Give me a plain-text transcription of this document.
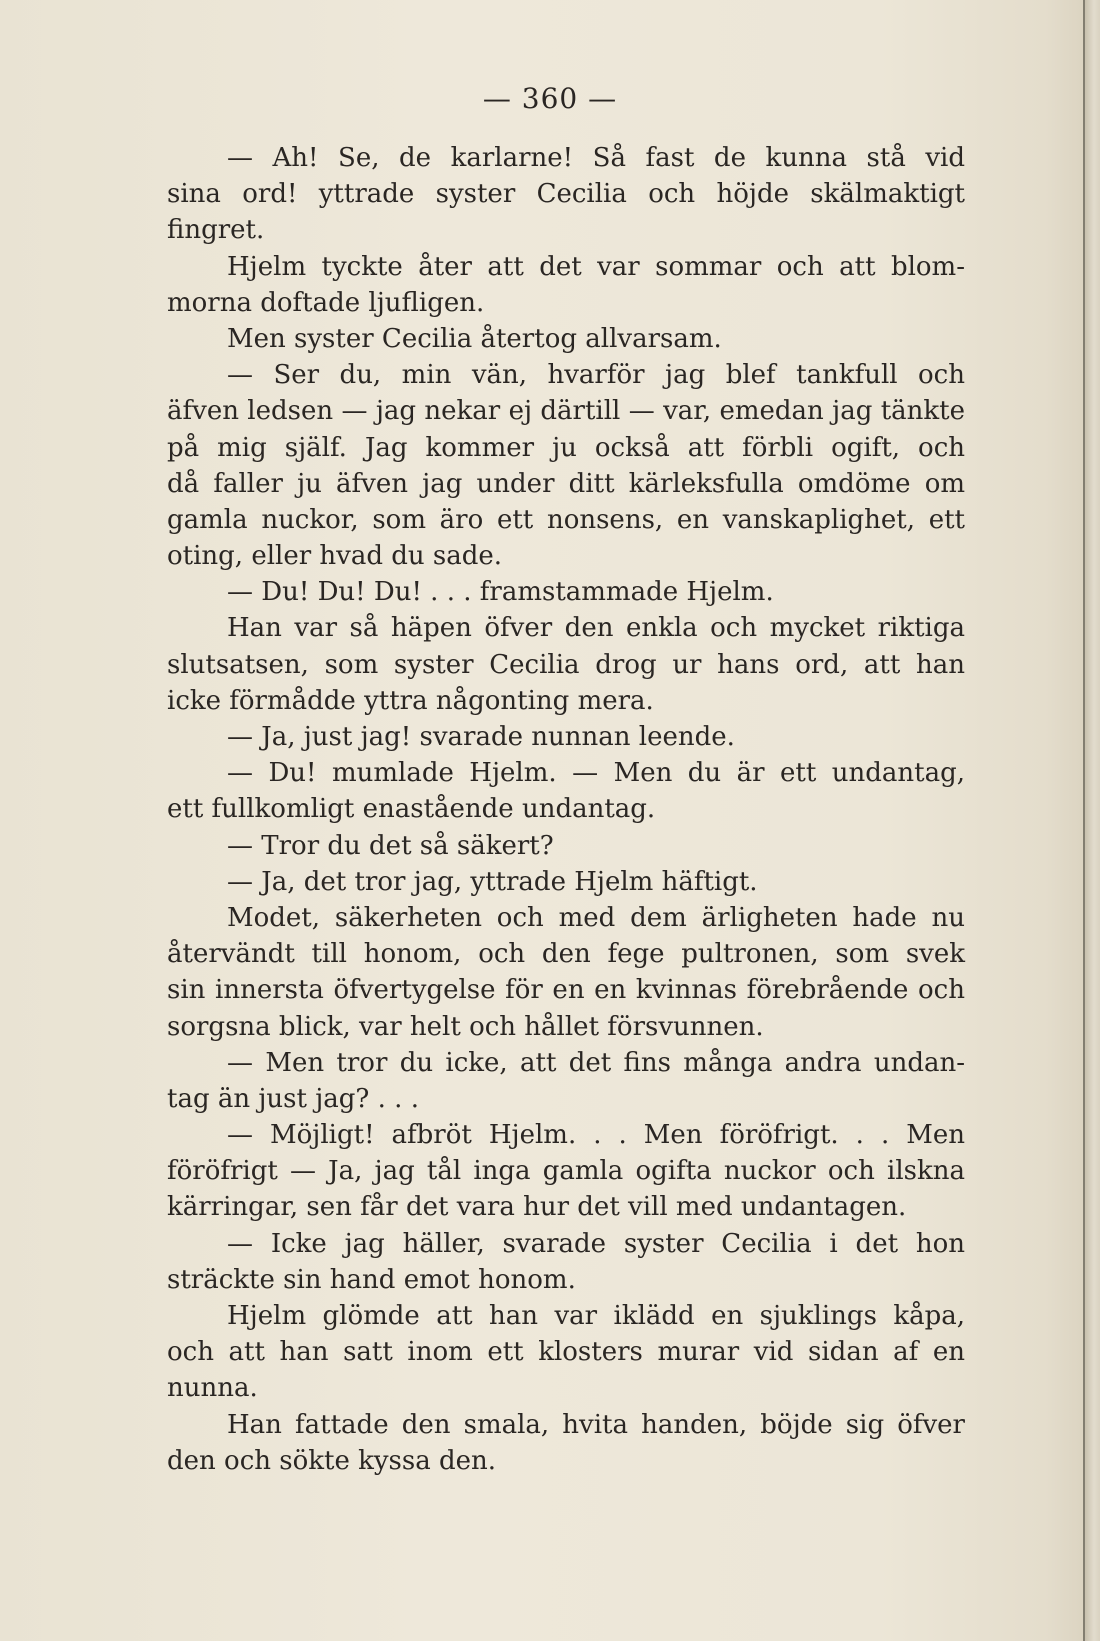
— 360 —
— Ah! Se, de karlarne! Så fast de kunna stå vid
sina ord! yttrade syster Cecilia och höjde skälmaktigt
fingret.
Hjelm tyckte åter att det var sommar och att blom-
morna doftade ljufligen.
Men syster Cecilia återtog allvarsam.
— Ser du, min vän, hvarför jag blef tankfull och
äfven ledsen — jag nekar ej därtill — var, emedan jag tänkte
på mig själf. Jag kommer ju också att förbli ogift, och
då faller ju äfven jag under ditt kärleksfulla omdöme om
gamla nuckor, som äro ett nonsens, en vanskaplighet, ett
oting, eller hvad du sade.
— Du! Du! Du! . . . framstammade Hjelm.
Han var så häpen öfver den enkla och mycket riktiga
slutsatsen, som syster Cecilia drog ur hans ord, att han
icke förmådde yttra någonting mera.
— Ja, just jag! svarade nunnan leende.
— Du! mumlade Hjelm. — Men du är ett undantag,
ett fullkomligt enastående undantag.
— Tror du det så säkert?
— Ja, det tror jag, yttrade Hjelm häftigt.
Modet, säkerheten och med dem ärligheten hade nu
återvändt till honom, och den fege pultronen, som svek
sin innersta öfvertygelse för en en kvinnas förebrående och
sorgsna blick, var helt och hållet försvunnen.
— Men tror du icke, att det fins många andra undan-
tag än just jag? . . .
— Möjligt! afbröt Hjelm. . . Men föröfrigt. . . Men
föröfrigt — Ja, jag tål inga gamla ogifta nuckor och ilskna
kärringar, sen får det vara hur det vill med undantagen.
— Icke jag häller, svarade syster Cecilia i det hon
sträckte sin hand emot honom.
Hjelm glömde att han var iklädd en sjuklings kåpa,
och att han satt inom ett klosters murar vid sidan af en
nunna.
Han fattade den smala, hvita handen, böjde sig öfver
den och sökte kyssa den.
